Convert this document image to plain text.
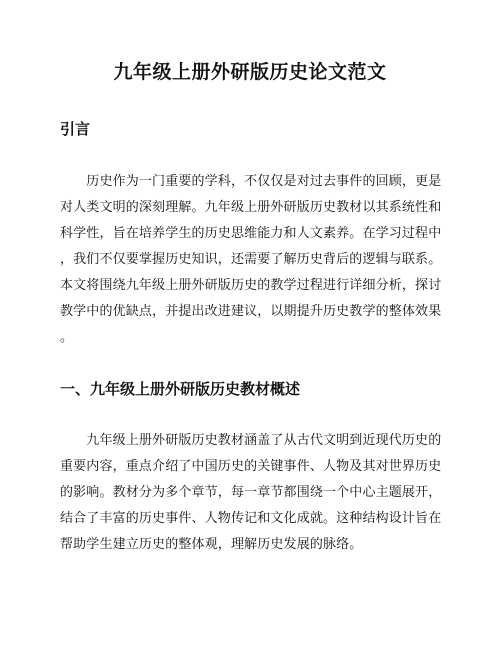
九年级上册外研版历史论文范文
引言
　　历史作为一门重要的学科，不仅仅是对过去事件的回顾，更是
对人类文明的深刻理解。九年级上册外研版历史教材以其系统性和
科学性，旨在培养学生的历史思维能力和人文素养。在学习过程中
，我们不仅要掌握历史知识，还需要了解历史背后的逻辑与联系。
本文将围绕九年级上册外研版历史的教学过程进行详细分析，探讨
教学中的优缺点，并提出改进建议，以期提升历史教学的整体效果
。
一、九年级上册外研版历史教材概述
　　九年级上册外研版历史教材涵盖了从古代文明到近现代历史的
重要内容，重点介绍了中国历史的关键事件、人物及其对世界历史
的影响。教材分为多个章节，每一章节都围绕一个中心主题展开，
结合了丰富的历史事件、人物传记和文化成就。这种结构设计旨在
帮助学生建立历史的整体观，理解历史发展的脉络。
